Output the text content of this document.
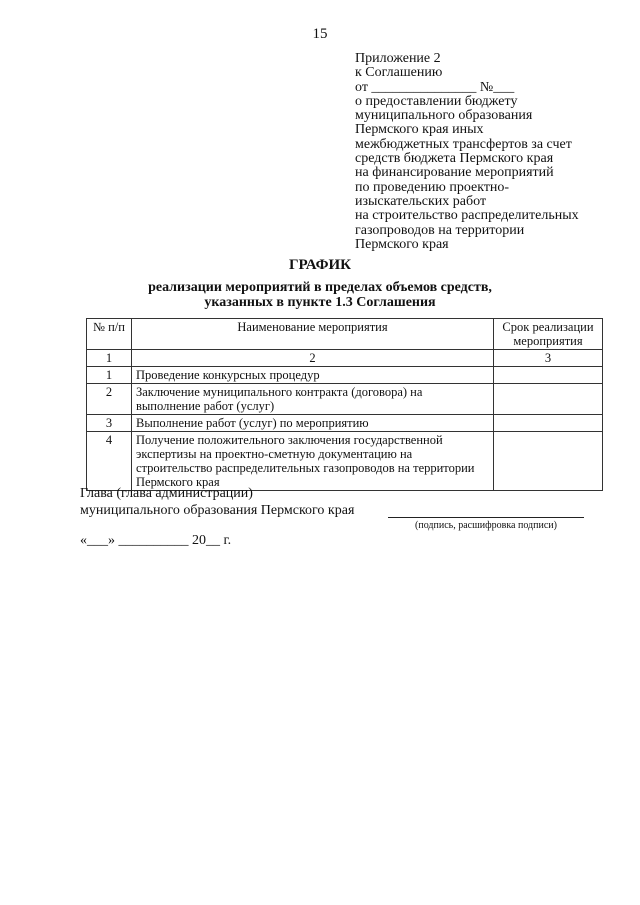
15
Приложение 2
к Соглашению
от _______________ №___
о предоставлении бюджету
муниципального образования
Пермского края иных
межбюджетных трансфертов за счет
средств бюджета Пермского края
на финансирование мероприятий
по проведению проектно-
изыскательских работ
на строительство распределительных
газопроводов на территории
Пермского края
ГРАФИК
реализации мероприятий в пределах объемов средств,
указанных в пункте 1.3 Соглашения
№ п/п	Наименование мероприятия	Срок реализации мероприятия
1	2	3
1	Проведение конкурсных процедур	
2	Заключение муниципального контракта (договора) на выполнение работ (услуг)	
3	Выполнение работ (услуг) по мероприятию	
4	Получение положительного заключения государственной экспертизы на проектно-сметную документацию на строительство распределительных газопроводов на территории Пермского края	
Глава (глава администрации)
муниципального образования Пермского края
(подпись, расшифровка подписи)
«___» __________ 20__ г.
